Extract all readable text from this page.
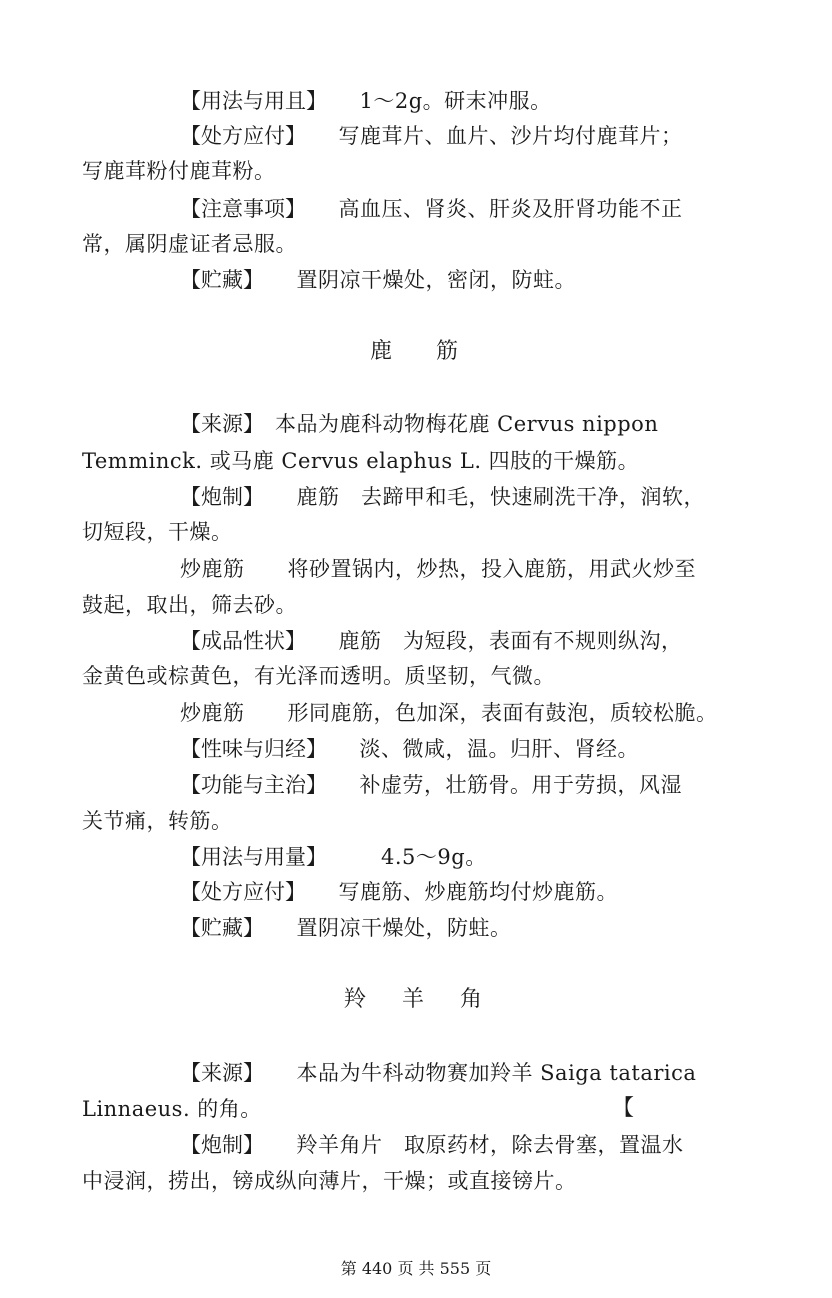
【用法与用且】　　1～2g。研末冲服。
【处方应付】　　写鹿茸片、血片、沙片均付鹿茸片；
写鹿茸粉付鹿茸粉。
【注意事项】　　高血压、肾炎、肝炎及肝肾功能不正
常，属阴虚证者忌服。
【贮藏】　　置阴凉干燥处，密闭，防蛀。
鹿筋
【来源】　本品为鹿科动物梅花鹿 Cervus nippon
Temminck. 或马鹿 Cervus elaphus L. 四肢的干燥筋。
【炮制】　　鹿筋　去蹄甲和毛，快速刷洗干净，润软，
切短段，干燥。
炒鹿筋　　将砂置锅内，炒热，投入鹿筋，用武火炒至
鼓起，取出，筛去砂。
【成品性状】　　鹿筋　为短段，表面有不规则纵沟，
金黄色或棕黄色，有光泽而透明。质坚韧，气微。
炒鹿筋　　形同鹿筋，色加深，表面有鼓泡，质较松脆。
【性味与归经】　　淡、微咸，温。归肝、肾经。
【功能与主治】　　补虚劳，壮筋骨。用于劳损，风湿
关节痛，转筋。
【用法与用量】　　　4.5～9g。
【处方应付】　　写鹿筋、炒鹿筋均付炒鹿筋。
【贮藏】　　置阴凉干燥处，防蛀。
羚羊角
【来源】　　本品为牛科动物赛加羚羊 Saiga tatarica
Linnaeus. 的角。	【
【炮制】　　羚羊角片　取原药材，除去骨塞，置温水
中浸润，捞出，镑成纵向薄片，干燥；或直接镑片。
第 440 页 共 555 页
